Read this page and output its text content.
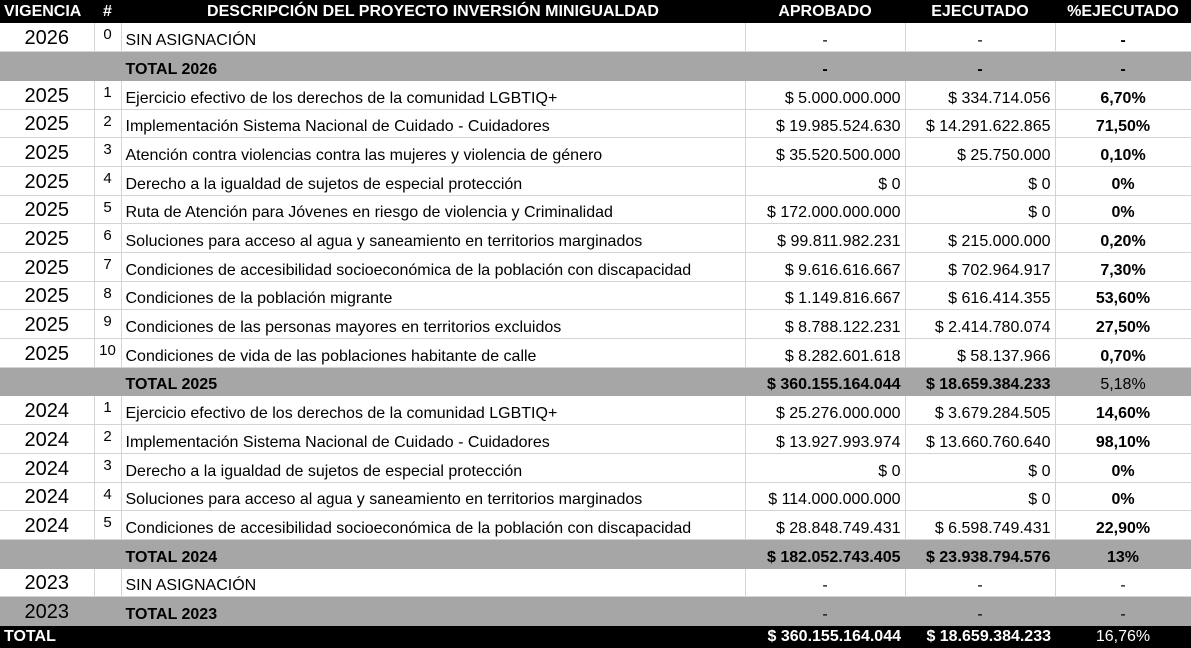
VIGENCIA	#	DESCRIPCIÓN DEL PROYECTO INVERSIÓN MINIGUALDAD	APROBADO	EJECUTADO	%EJECUTADO
2026	0	SIN ASIGNACIÓN	-	-	-
		TOTAL 2026	-	-	-
2025	1	Ejercicio efectivo de los derechos de la comunidad LGBTIQ+	$ 5.000.000.000	$ 334.714.056	6,70%
2025	2	Implementación Sistema Nacional de Cuidado - Cuidadores	$ 19.985.524.630	$ 14.291.622.865	71,50%
2025	3	Atención contra violencias contra las mujeres y violencia de género	$ 35.520.500.000	$ 25.750.000	0,10%
2025	4	Derecho a la igualdad de sujetos de especial protección	$ 0	$ 0	0%
2025	5	Ruta de Atención para Jóvenes en riesgo de violencia y Criminalidad	$ 172.000.000.000	$ 0	0%
2025	6	Soluciones para acceso al agua y saneamiento en territorios marginados	$ 99.811.982.231	$ 215.000.000	0,20%
2025	7	Condiciones de accesibilidad socioeconómica de la población con discapacidad	$ 9.616.616.667	$ 702.964.917	7,30%
2025	8	Condiciones de la población migrante	$ 1.149.816.667	$ 616.414.355	53,60%
2025	9	Condiciones de las personas mayores en territorios excluidos	$ 8.788.122.231	$ 2.414.780.074	27,50%
2025	10	Condiciones de vida de las poblaciones habitante de calle	$ 8.282.601.618	$ 58.137.966	0,70%
		TOTAL 2025	$ 360.155.164.044	$ 18.659.384.233	5,18%
2024	1	Ejercicio efectivo de los derechos de la comunidad LGBTIQ+	$ 25.276.000.000	$ 3.679.284.505	14,60%
2024	2	Implementación Sistema Nacional de Cuidado - Cuidadores	$ 13.927.993.974	$ 13.660.760.640	98,10%
2024	3	Derecho a la igualdad de sujetos de especial protección	$ 0	$ 0	0%
2024	4	Soluciones para acceso al agua y saneamiento en territorios marginados	$ 114.000.000.000	$ 0	0%
2024	5	Condiciones de accesibilidad socioeconómica de la población con discapacidad	$ 28.848.749.431	$ 6.598.749.431	22,90%
		TOTAL 2024	$ 182.052.743.405	$ 23.938.794.576	13%
2023		SIN ASIGNACIÓN	-	-	-
2023		TOTAL 2023	-	-	-
TOTAL			$ 360.155.164.044	$ 18.659.384.233	16,76%
